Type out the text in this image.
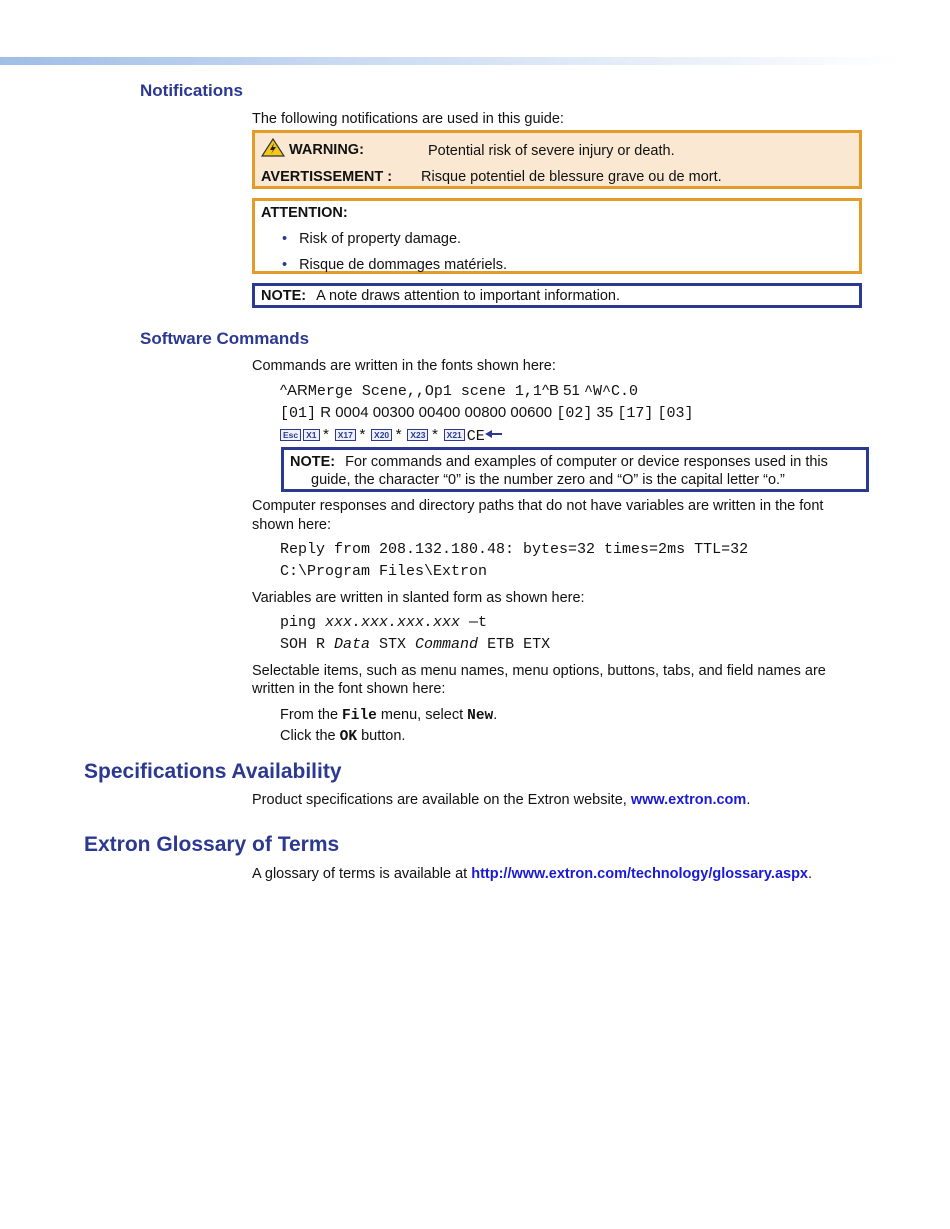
Notifications

The following notifications are used in this guide:

WARNING:	Potential risk of severe injury or death.
AVERTISSEMENT : Risque potentiel de blessure grave ou de mort.
ATTENTION:
• Risk of property damage.
• Risque de dommages matériels.
NOTE: A note draws attention to important information.
Software Commands

Commands are written in the fonts shown here:

^ARMerge Scene,,Op1 scene 1,1^B 51 ^W^C.0
[01] R 0004 00300 00400 00800 00600 [02] 35 [17] [03]
Esc X1 * X17 * X20 * X23 * X21 CE
NOTE: For commands and examples of computer or device responses used in this
guide, the character “0” is the number zero and “O” is the capital letter “o.”

Computer responses and directory paths that do not have variables are written in the font

shown here:

Reply from 208.132.180.48: bytes=32 times=2ms TTL=32
C:\Program Files\Extron

Variables are written in slanted form as shown here:

ping xxx.xxx.xxx.xxx —t
SOH R Data STX Command ETB ETX

Selectable items, such as menu names, menu options, buttons, tabs, and field names are

written in the font shown here:

From the File menu, select New.
Click the OK button.
Specifications Availability

Product specifications are available on the Extron website, www.extron.com.

Extron Glossary of Terms

A glossary of terms is available at http://www.extron.com/technology/glossary.aspx.
